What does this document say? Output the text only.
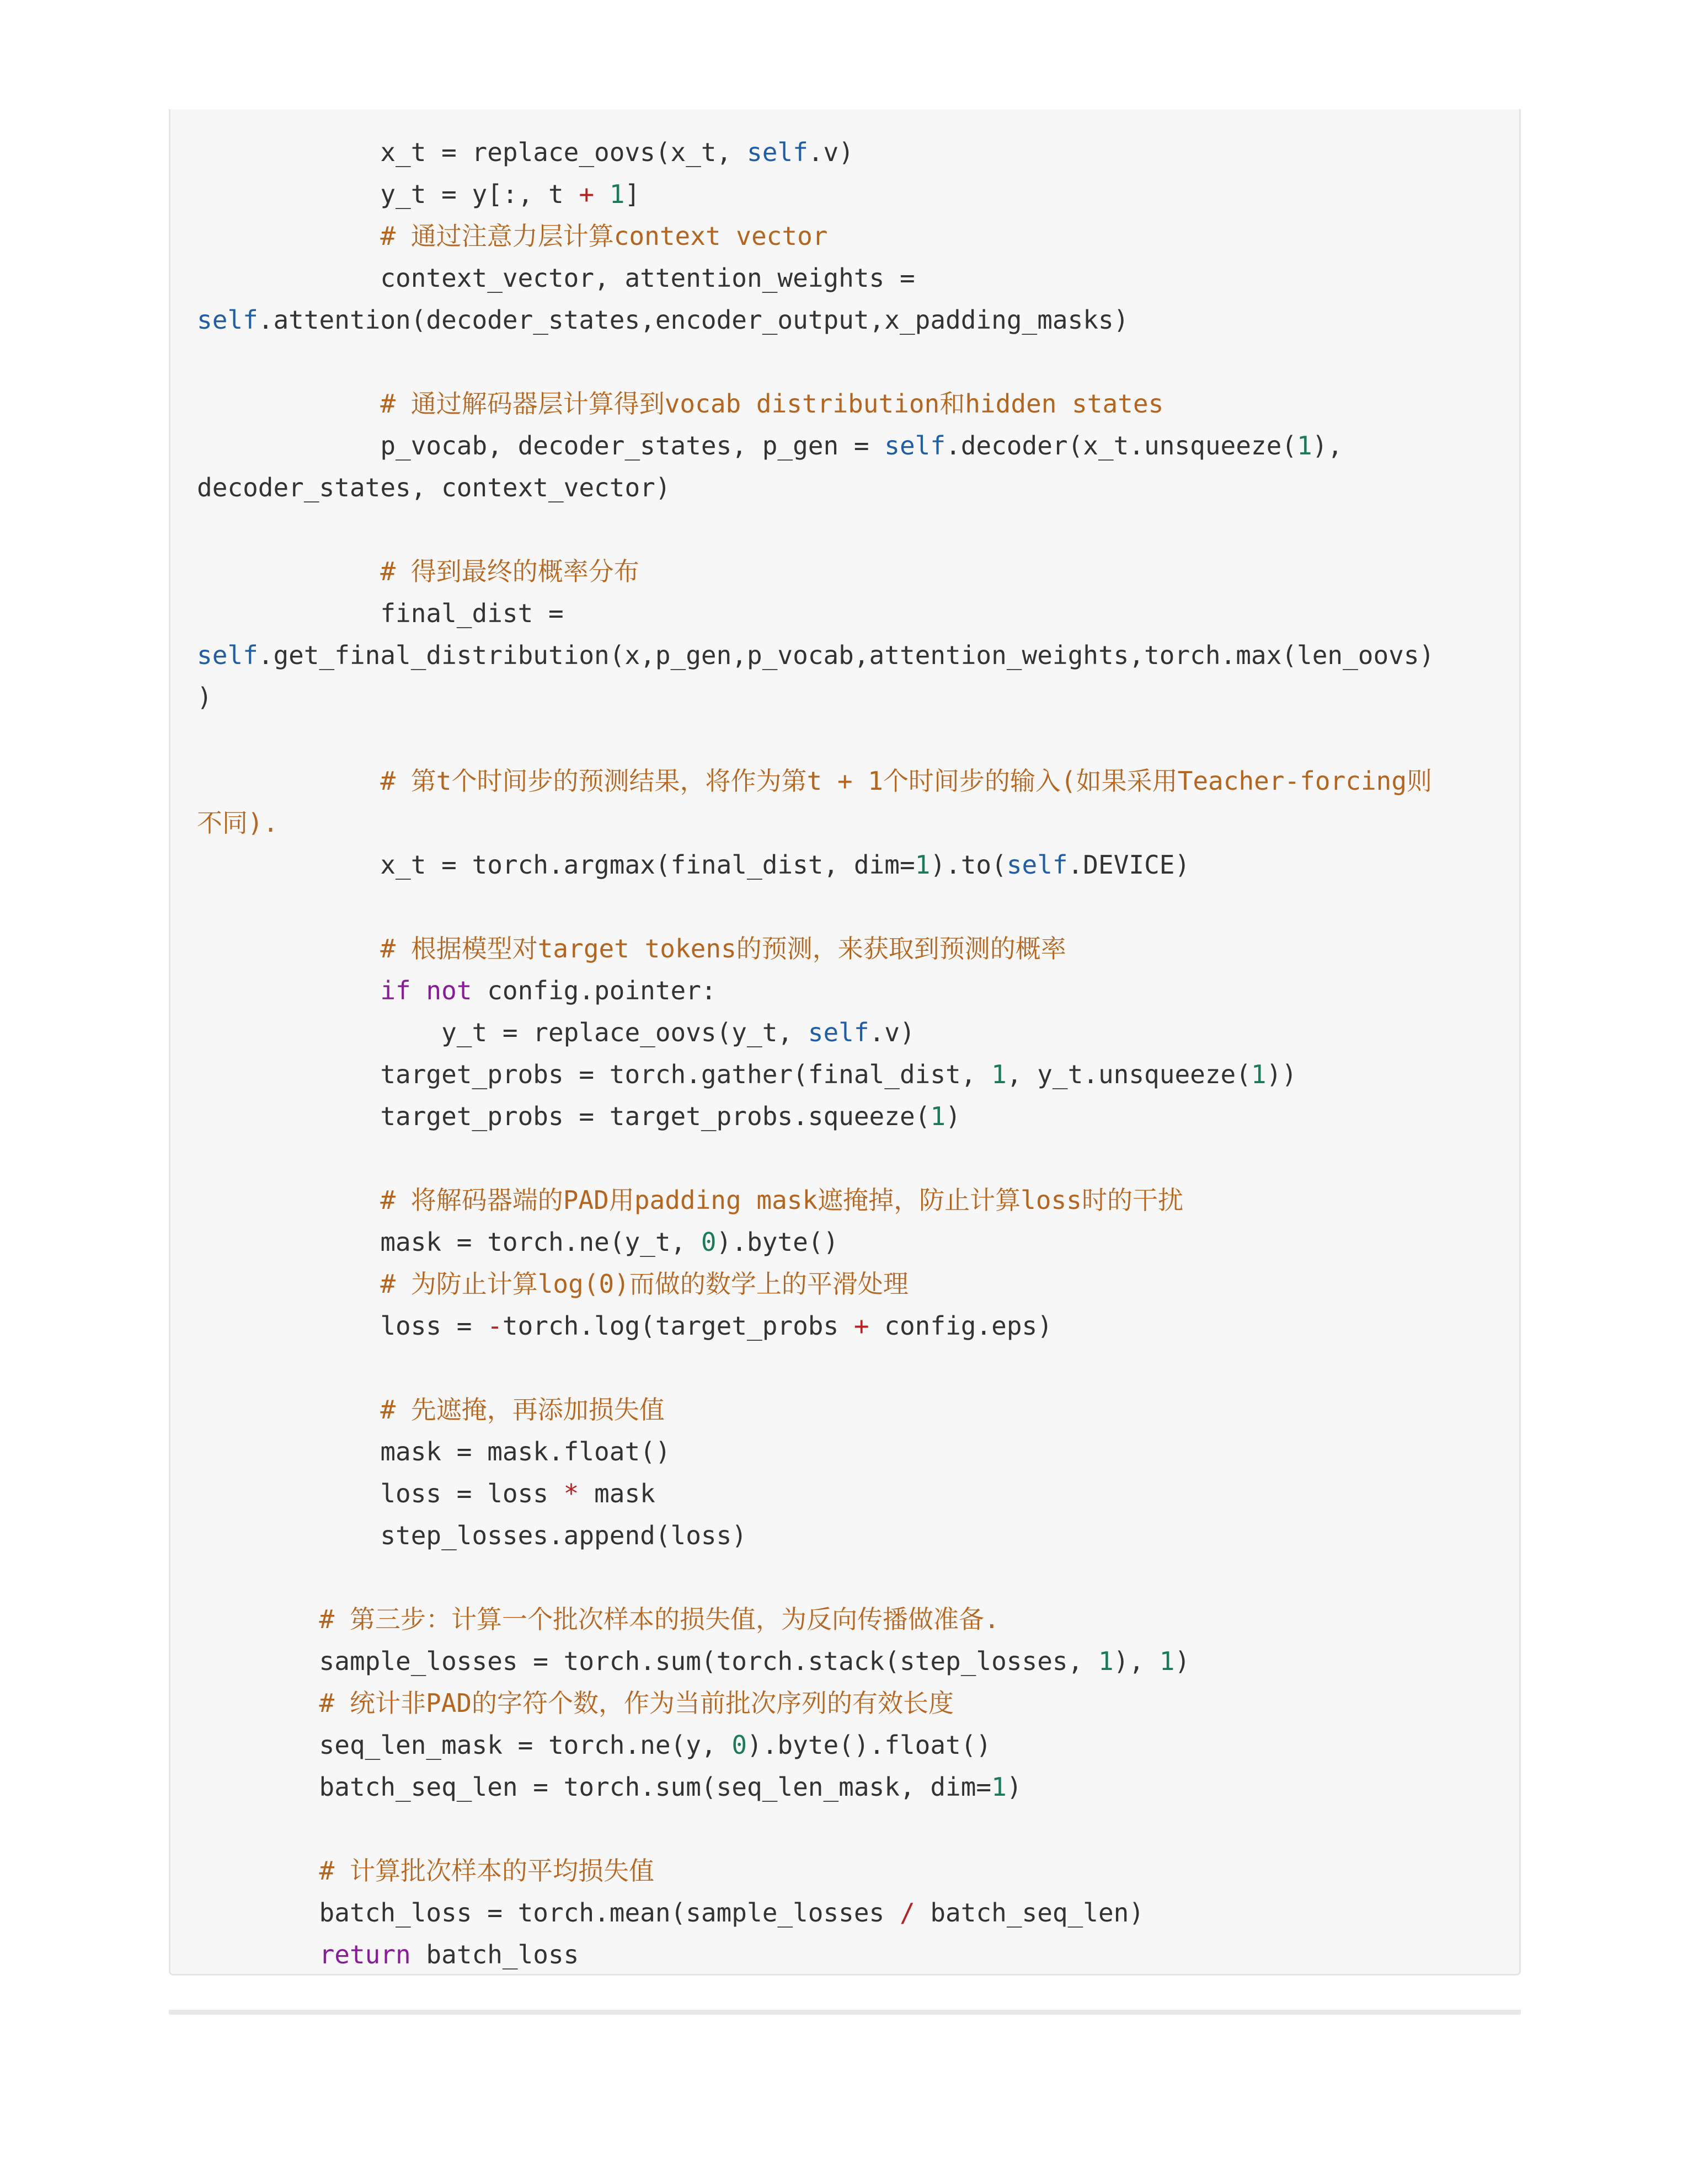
x_t = replace_oovs(x_t, self.v)
y_t = y[:, t + 1]
# 通过注意力层计算context vector
context_vector, attention_weights =
self.attention(decoder_states,encoder_output,x_padding_masks)
# 通过解码器层计算得到vocab distribution和hidden states
p_vocab, decoder_states, p_gen = self.decoder(x_t.unsqueeze(1),
decoder_states, context_vector)
# 得到最终的概率分布
final_dist =
self.get_final_distribution(x,p_gen,p_vocab,attention_weights,torch.max(len_oovs)
)
# 第t个时间步的预测结果，将作为第t + 1个时间步的输入(如果采用Teacher-forcing则
不同).
x_t = torch.argmax(final_dist, dim=1).to(self.DEVICE)
# 根据模型对target tokens的预测，来获取到预测的概率
if not config.pointer:
y_t = replace_oovs(y_t, self.v)
target_probs = torch.gather(final_dist, 1, y_t.unsqueeze(1))
target_probs = target_probs.squeeze(1)
# 将解码器端的PAD用padding mask遮掩掉，防止计算loss时的干扰
mask = torch.ne(y_t, 0).byte()
# 为防止计算log(0)而做的数学上的平滑处理
loss = -torch.log(target_probs + config.eps)
# 先遮掩，再添加损失值
mask = mask.float()
loss = loss * mask
step_losses.append(loss)
# 第三步：计算一个批次样本的损失值，为反向传播做准备.
sample_losses = torch.sum(torch.stack(step_losses, 1), 1)
# 统计非PAD的字符个数，作为当前批次序列的有效长度
seq_len_mask = torch.ne(y, 0).byte().float()
batch_seq_len = torch.sum(seq_len_mask, dim=1)
# 计算批次样本的平均损失值
batch_loss = torch.mean(sample_losses / batch_seq_len)
return batch_loss
